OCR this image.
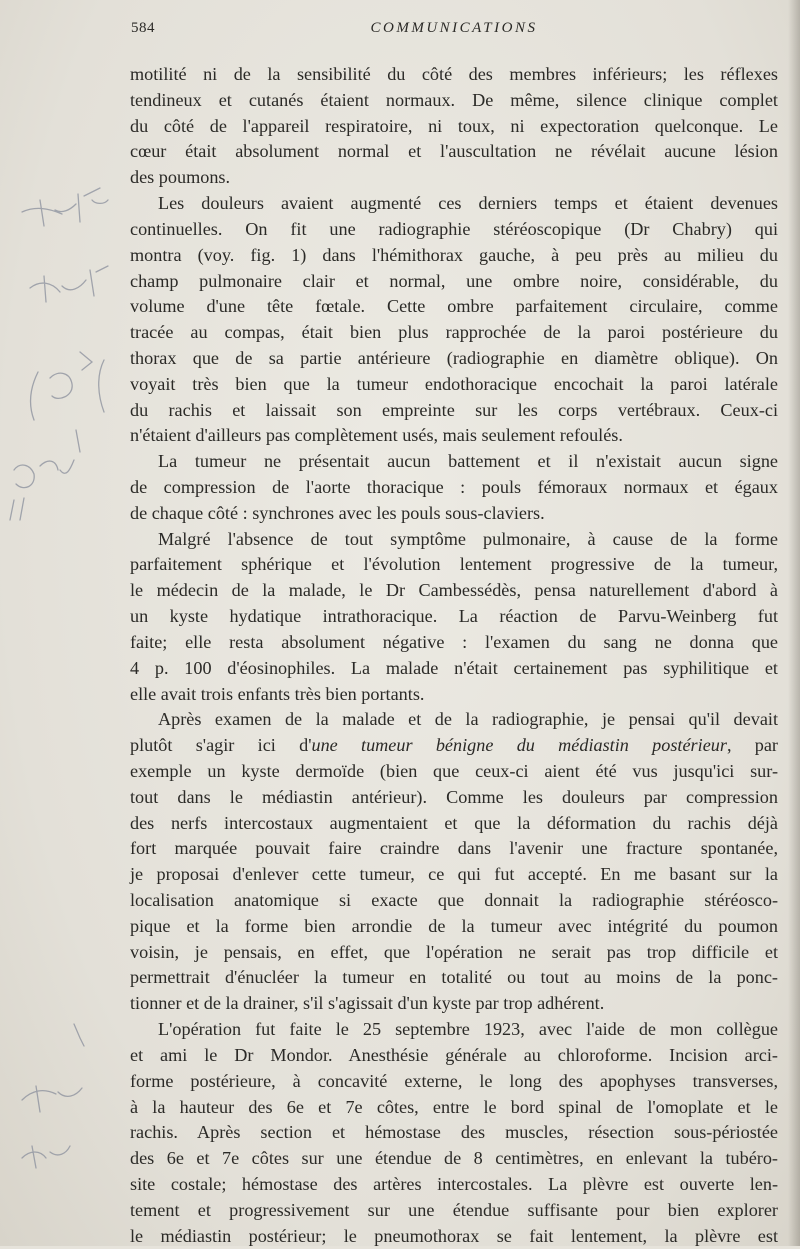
584	COMMUNICATIONS
motilité ni de la sensibilité du côté des membres inférieurs; les réflexes
tendineux et cutanés étaient normaux. De même, silence clinique complet
du côté de l'appareil respiratoire, ni toux, ni expectoration quelconque. Le
cœur était absolument normal et l'auscultation ne révélait aucune lésion
des poumons.
Les douleurs avaient augmenté ces derniers temps et étaient devenues
continuelles. On fit une radiographie stéréoscopique (Dr Chabry) qui
montra (voy. fig. 1) dans l'hémithorax gauche, à peu près au milieu du
champ pulmonaire clair et normal, une ombre noire, considérable, du
volume d'une tête fœtale. Cette ombre parfaitement circulaire, comme
tracée au compas, était bien plus rapprochée de la paroi postérieure du
thorax que de sa partie antérieure (radiographie en diamètre oblique). On
voyait très bien que la tumeur endothoracique encochait la paroi latérale
du rachis et laissait son empreinte sur les corps vertébraux. Ceux-ci
n'étaient d'ailleurs pas complètement usés, mais seulement refoulés.
La tumeur ne présentait aucun battement et il n'existait aucun signe
de compression de l'aorte thoracique : pouls fémoraux normaux et égaux
de chaque côté : synchrones avec les pouls sous-claviers.
Malgré l'absence de tout symptôme pulmonaire, à cause de la forme
parfaitement sphérique et l'évolution lentement progressive de la tumeur,
le médecin de la malade, le Dr Cambessédès, pensa naturellement d'abord à
un kyste hydatique intrathoracique. La réaction de Parvu-Weinberg fut
faite; elle resta absolument négative : l'examen du sang ne donna que
4 p. 100 d'éosinophiles. La malade n'était certainement pas syphilitique et
elle avait trois enfants très bien portants.
Après examen de la malade et de la radiographie, je pensai qu'il devait
plutôt s'agir ici d'une tumeur bénigne du médiastin postérieur, par
exemple un kyste dermoïde (bien que ceux-ci aient été vus jusqu'ici sur-
tout dans le médiastin antérieur). Comme les douleurs par compression
des nerfs intercostaux augmentaient et que la déformation du rachis déjà
fort marquée pouvait faire craindre dans l'avenir une fracture spontanée,
je proposai d'enlever cette tumeur, ce qui fut accepté. En me basant sur la
localisation anatomique si exacte que donnait la radiographie stéréosco-
pique et la forme bien arrondie de la tumeur avec intégrité du poumon
voisin, je pensais, en effet, que l'opération ne serait pas trop difficile et
permettrait d'énucléer la tumeur en totalité ou tout au moins de la ponc-
tionner et de la drainer, s'il s'agissait d'un kyste par trop adhérent.
L'opération fut faite le 25 septembre 1923, avec l'aide de mon collègue
et ami le Dr Mondor. Anesthésie générale au chloroforme. Incision arci-
forme postérieure, à concavité externe, le long des apophyses transverses,
à la hauteur des 6e et 7e côtes, entre le bord spinal de l'omoplate et le
rachis. Après section et hémostase des muscles, résection sous-périostée
des 6e et 7e côtes sur une étendue de 8 centimètres, en enlevant la tubéro-
site costale; hémostase des artères intercostales. La plèvre est ouverte len-
tement et progressivement sur une étendue suffisante pour bien explorer
le médiastin postérieur; le pneumothorax se fait lentement, la plèvre est
